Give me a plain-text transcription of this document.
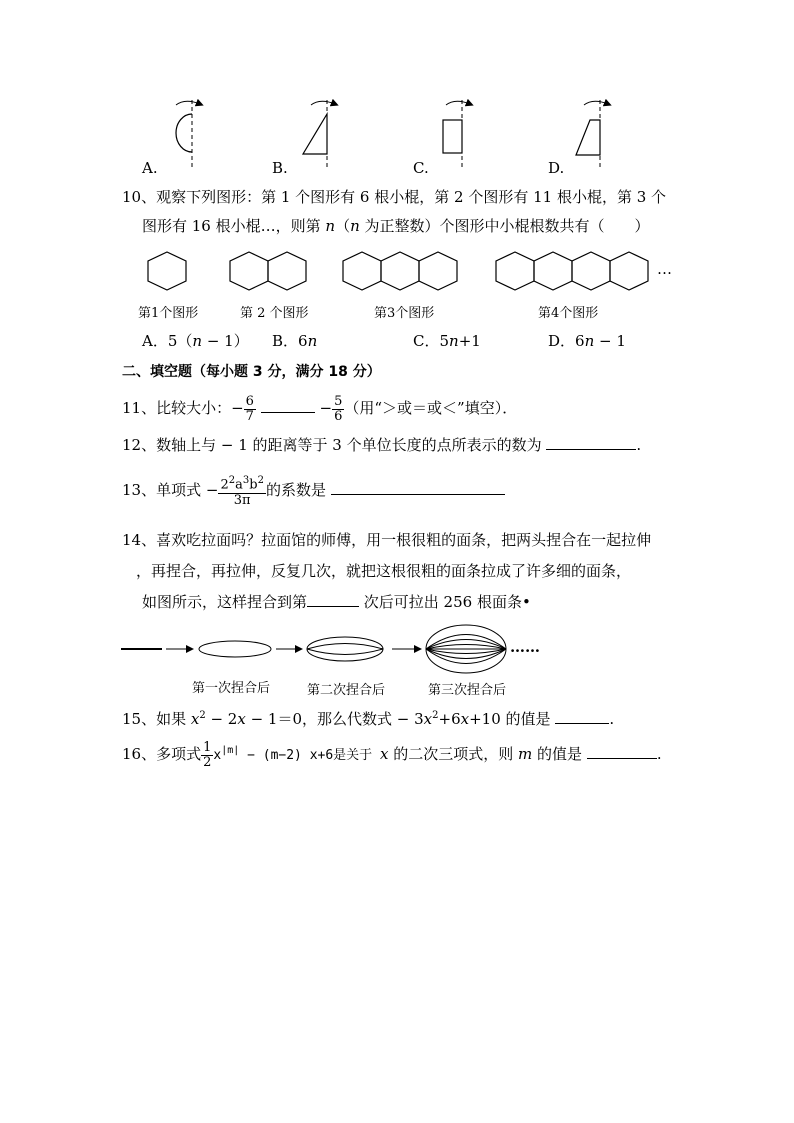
A.	B.	C.	D.
10、观察下列图形：第 1 个图形有 6 根小棍，第 2 个图形有 11 根小棍，第 3 个
图形有 16 根小棍…，则第 n（n 为正整数）个图形中小棍根数共有（　　）
…
第1个图形	第 2 个图形	第3个图形	第4个图形
A．5（n − 1） B．6n	C．5n+1	D．6n − 1
二、填空题（每小题 3 分，满分 18 分）
11、比较大小：− $\frac{6}{7}$	− $\frac{5}{6}$ （用“＞或＝或＜”填空）．
12、数轴上与 − 1 的距离等于 3 个单位长度的点所表示的数为	.
13、单项式 − $\frac{2^2a^3b^2}{3\pi}$ 的系数是
14、喜欢吃拉面吗？拉面馆的师傅，用一根很粗的面条，把两头捏合在一起拉伸
，再捏合，再拉伸，反复几次，就把这根很粗的面条拉成了许多细的面条，
如图所示，这样捏合到第	次后可拉出 256 根面条•
……
第一次捏合后	第二次捏合后	第三次捏合后
15、如果 $x^2 - 2x - 1=0$，那么代数式 − $3x^2+6x+10$ 的值是	.
16、多项式 $\frac{1}{2} x^{|m|} - (m-2)$ x+6是关于 x 的二次三项式，则 m 的值是	.
